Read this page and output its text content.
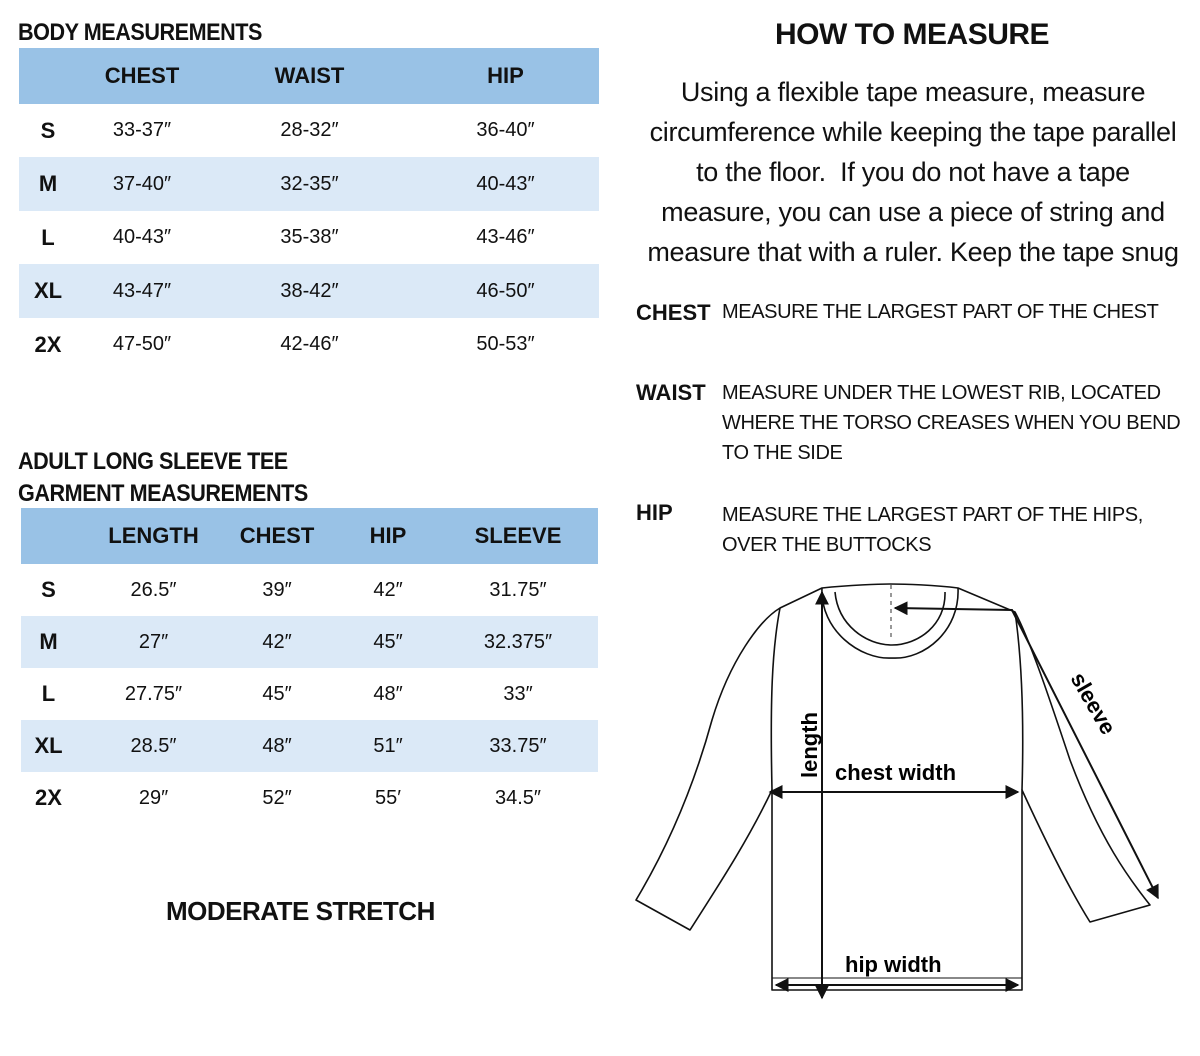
BODY MEASUREMENTS
	CHEST	WAIST	HIP
S	33-37″	28-32″	36-40″
M	37-40″	32-35″	40-43″
L	40-43″	35-38″	43-46″
XL	43-47″	38-42″	46-50″
2X	47-50″	42-46″	50-53″
ADULT LONG SLEEVE TEE
GARMENT MEASUREMENTS
	LENGTH	CHEST	HIP	SLEEVE	
S	26.5″	39″	42″	31.75″	
M	27″	42″	45″	32.375″	
L	27.75″	45″	48″	33″	
XL	28.5″	48″	51″	33.75″	
2X	29″	52″	55′	34.5″	
MODERATE STRETCH
HOW TO MEASURE
Using a flexible tape measure, measure
circumference while keeping the tape parallel
to the floor.  If you do not have a tape
measure, you can use a piece of string and
measure that with a ruler. Keep the tape snug
CHEST MEASURE THE LARGEST PART OF THE CHEST
WAIST MEASURE UNDER THE LOWEST RIB, LOCATED WHERE THE TORSO CREASES WHEN YOU BEND TO THE SIDE
HIP MEASURE THE LARGEST PART OF THE HIPS, OVER THE BUTTOCKS
length chest width
hip width
sleeve
